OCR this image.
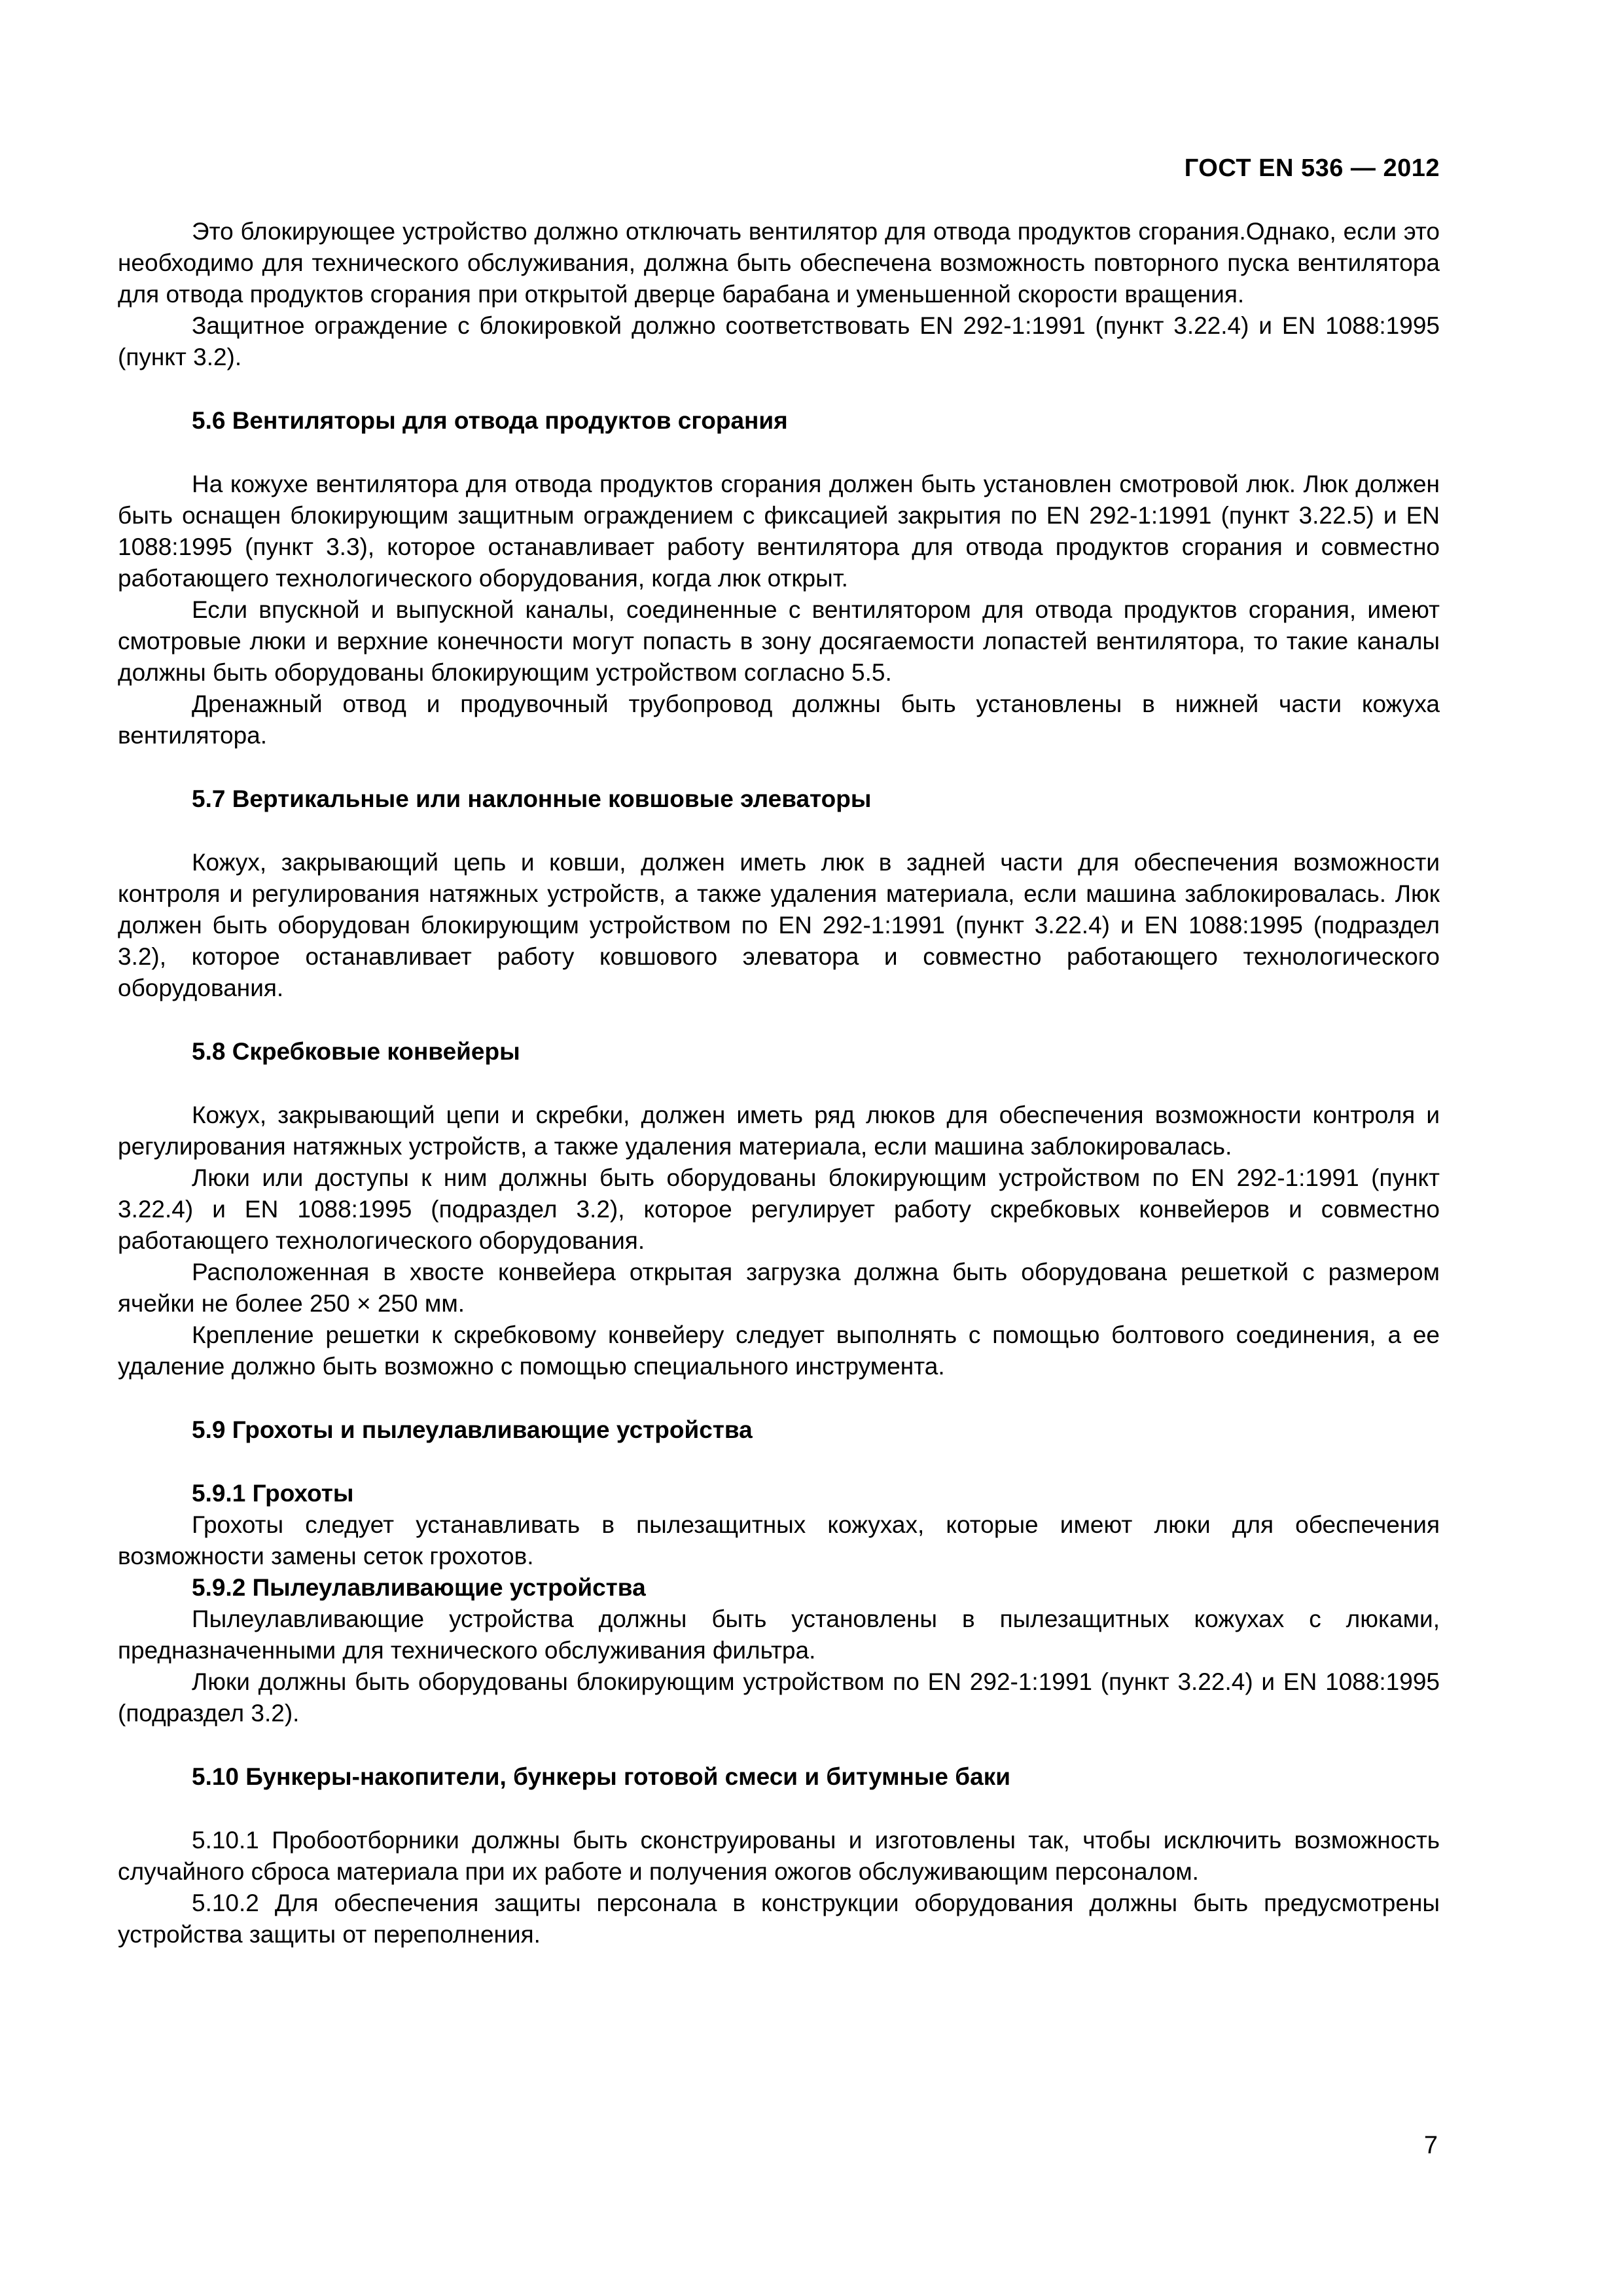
ГОСТ EN 536 — 2012

Это блокирующее устройство должно отключать вентилятор для отвода продуктов сгорания.Однако, если это необходимо для технического обслуживания, должна быть обеспечена возможность повторного пуска вентилятора для отвода продуктов сгорания при открытой дверце барабана и уменьшенной скорости вращения.

Защитное ограждение с блокировкой должно соответствовать EN 292-1:1991 (пункт 3.22.4) и EN 1088:1995 (пункт 3.2).

5.6 Вентиляторы для отвода продуктов сгорания

На кожухе вентилятора для отвода продуктов сгорания должен быть установлен смотровой люк. Люк должен быть оснащен блокирующим защитным ограждением с фиксацией закрытия по EN 292-1:1991 (пункт 3.22.5) и EN 1088:1995 (пункт 3.3), которое останавливает работу вентилятора для отвода продуктов сгорания и совместно работающего технологического оборудования, когда люк открыт.

Если впускной и выпускной каналы, соединенные с вентилятором для отвода продуктов сгорания, имеют смотровые люки и верхние конечности могут попасть в зону досягаемости лопастей вентилятора, то такие каналы должны быть оборудованы блокирующим устройством согласно 5.5.

Дренажный отвод и продувочный трубопровод должны быть установлены в нижней части кожуха вентилятора.

5.7 Вертикальные или наклонные ковшовые элеваторы

Кожух, закрывающий цепь и ковши, должен иметь люк в задней части для обеспечения возможности контроля и регулирования натяжных устройств, а также удаления материала, если машина заблокировалась. Люк должен быть оборудован блокирующим устройством по EN 292-1:1991 (пункт 3.22.4) и EN 1088:1995 (подраздел 3.2), которое останавливает работу ковшового элеватора и совместно работающего технологического оборудования.

5.8 Скребковые конвейеры

Кожух, закрывающий цепи и скребки, должен иметь ряд люков для обеспечения возможности контроля и регулирования натяжных устройств, а также удаления материала, если машина заблокировалась.

Люки или доступы к ним должны быть оборудованы блокирующим устройством по EN 292-1:1991 (пункт 3.22.4) и EN 1088:1995 (подраздел 3.2), которое регулирует работу скребковых конвейеров и совместно работающего технологического оборудования.

Расположенная в хвосте конвейера открытая загрузка должна быть оборудована решеткой с размером ячейки не более 250 × 250 мм.

Крепление решетки к скребковому конвейеру следует выполнять с помощью болтового соединения, а ее удаление должно быть возможно с помощью специального инструмента.

5.9 Грохоты и пылеулавливающие устройства

5.9.1 Грохоты

Грохоты следует устанавливать в пылезащитных кожухах, которые имеют люки для обеспечения возможности замены сеток грохотов.

5.9.2 Пылеулавливающие устройства

Пылеулавливающие устройства должны быть установлены в пылезащитных кожухах с люками, предназначенными для технического обслуживания фильтра.

Люки должны быть оборудованы блокирующим устройством по EN 292-1:1991 (пункт 3.22.4) и EN 1088:1995 (подраздел 3.2).

5.10 Бункеры-накопители, бункеры готовой смеси и битумные баки

5.10.1 Пробоотборники должны быть сконструированы и изготовлены так, чтобы исключить возможность случайного сброса материала при их работе и получения ожогов обслуживающим персоналом.

5.10.2 Для обеспечения защиты персонала в конструкции оборудования должны быть предусмотрены устройства защиты от переполнения.

7
